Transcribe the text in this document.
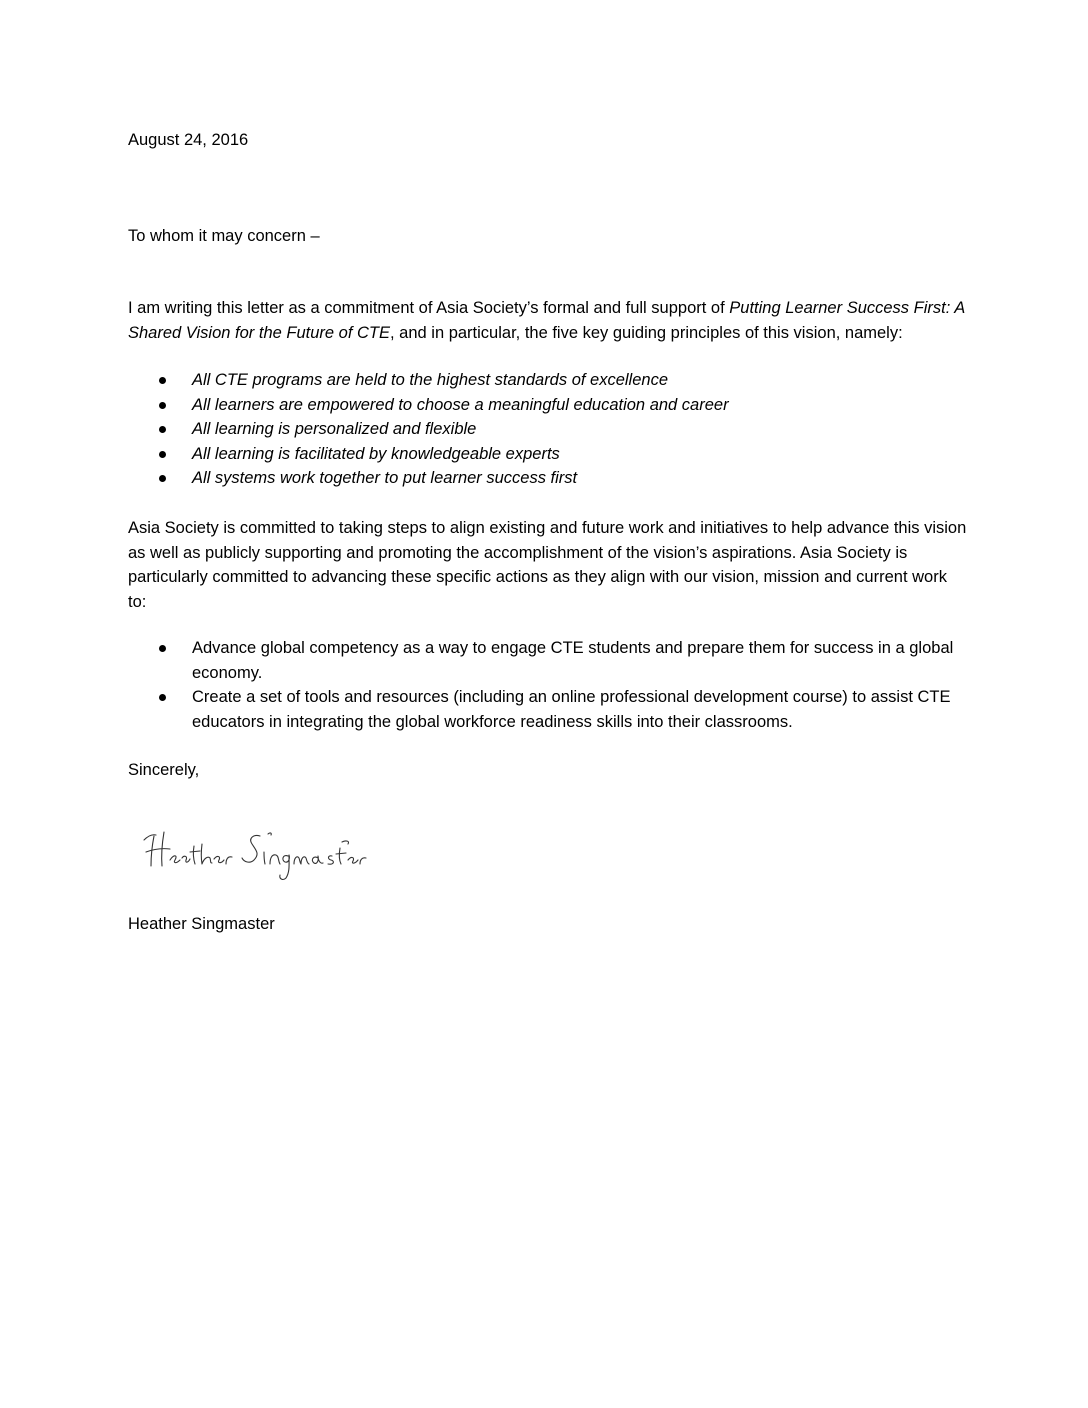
August 24, 2016

To whom it may concern –

I am writing this letter as a commitment of Asia Society’s formal and full support of Putting Learner Success First: A Shared Vision for the Future of CTE, and in particular, the five key guiding principles of this vision, namely:

All CTE programs are held to the highest standards of excellence
All learners are empowered to choose a meaningful education and career
All learning is personalized and flexible
All learning is facilitated by knowledgeable experts
All systems work together to put learner success first

Asia Society is committed to taking steps to align existing and future work and initiatives to help advance this vision as well as publicly supporting and promoting the accomplishment of the vision’s aspirations. Asia Society is particularly committed to advancing these specific actions as they align with our vision, mission and current work to:

Advance global competency as a way to engage CTE students and prepare them for success in a global economy.
Create a set of tools and resources (including an online professional development course) to assist CTE educators in integrating the global workforce readiness skills into their classrooms.

Sincerely,

Heather Singmaster
